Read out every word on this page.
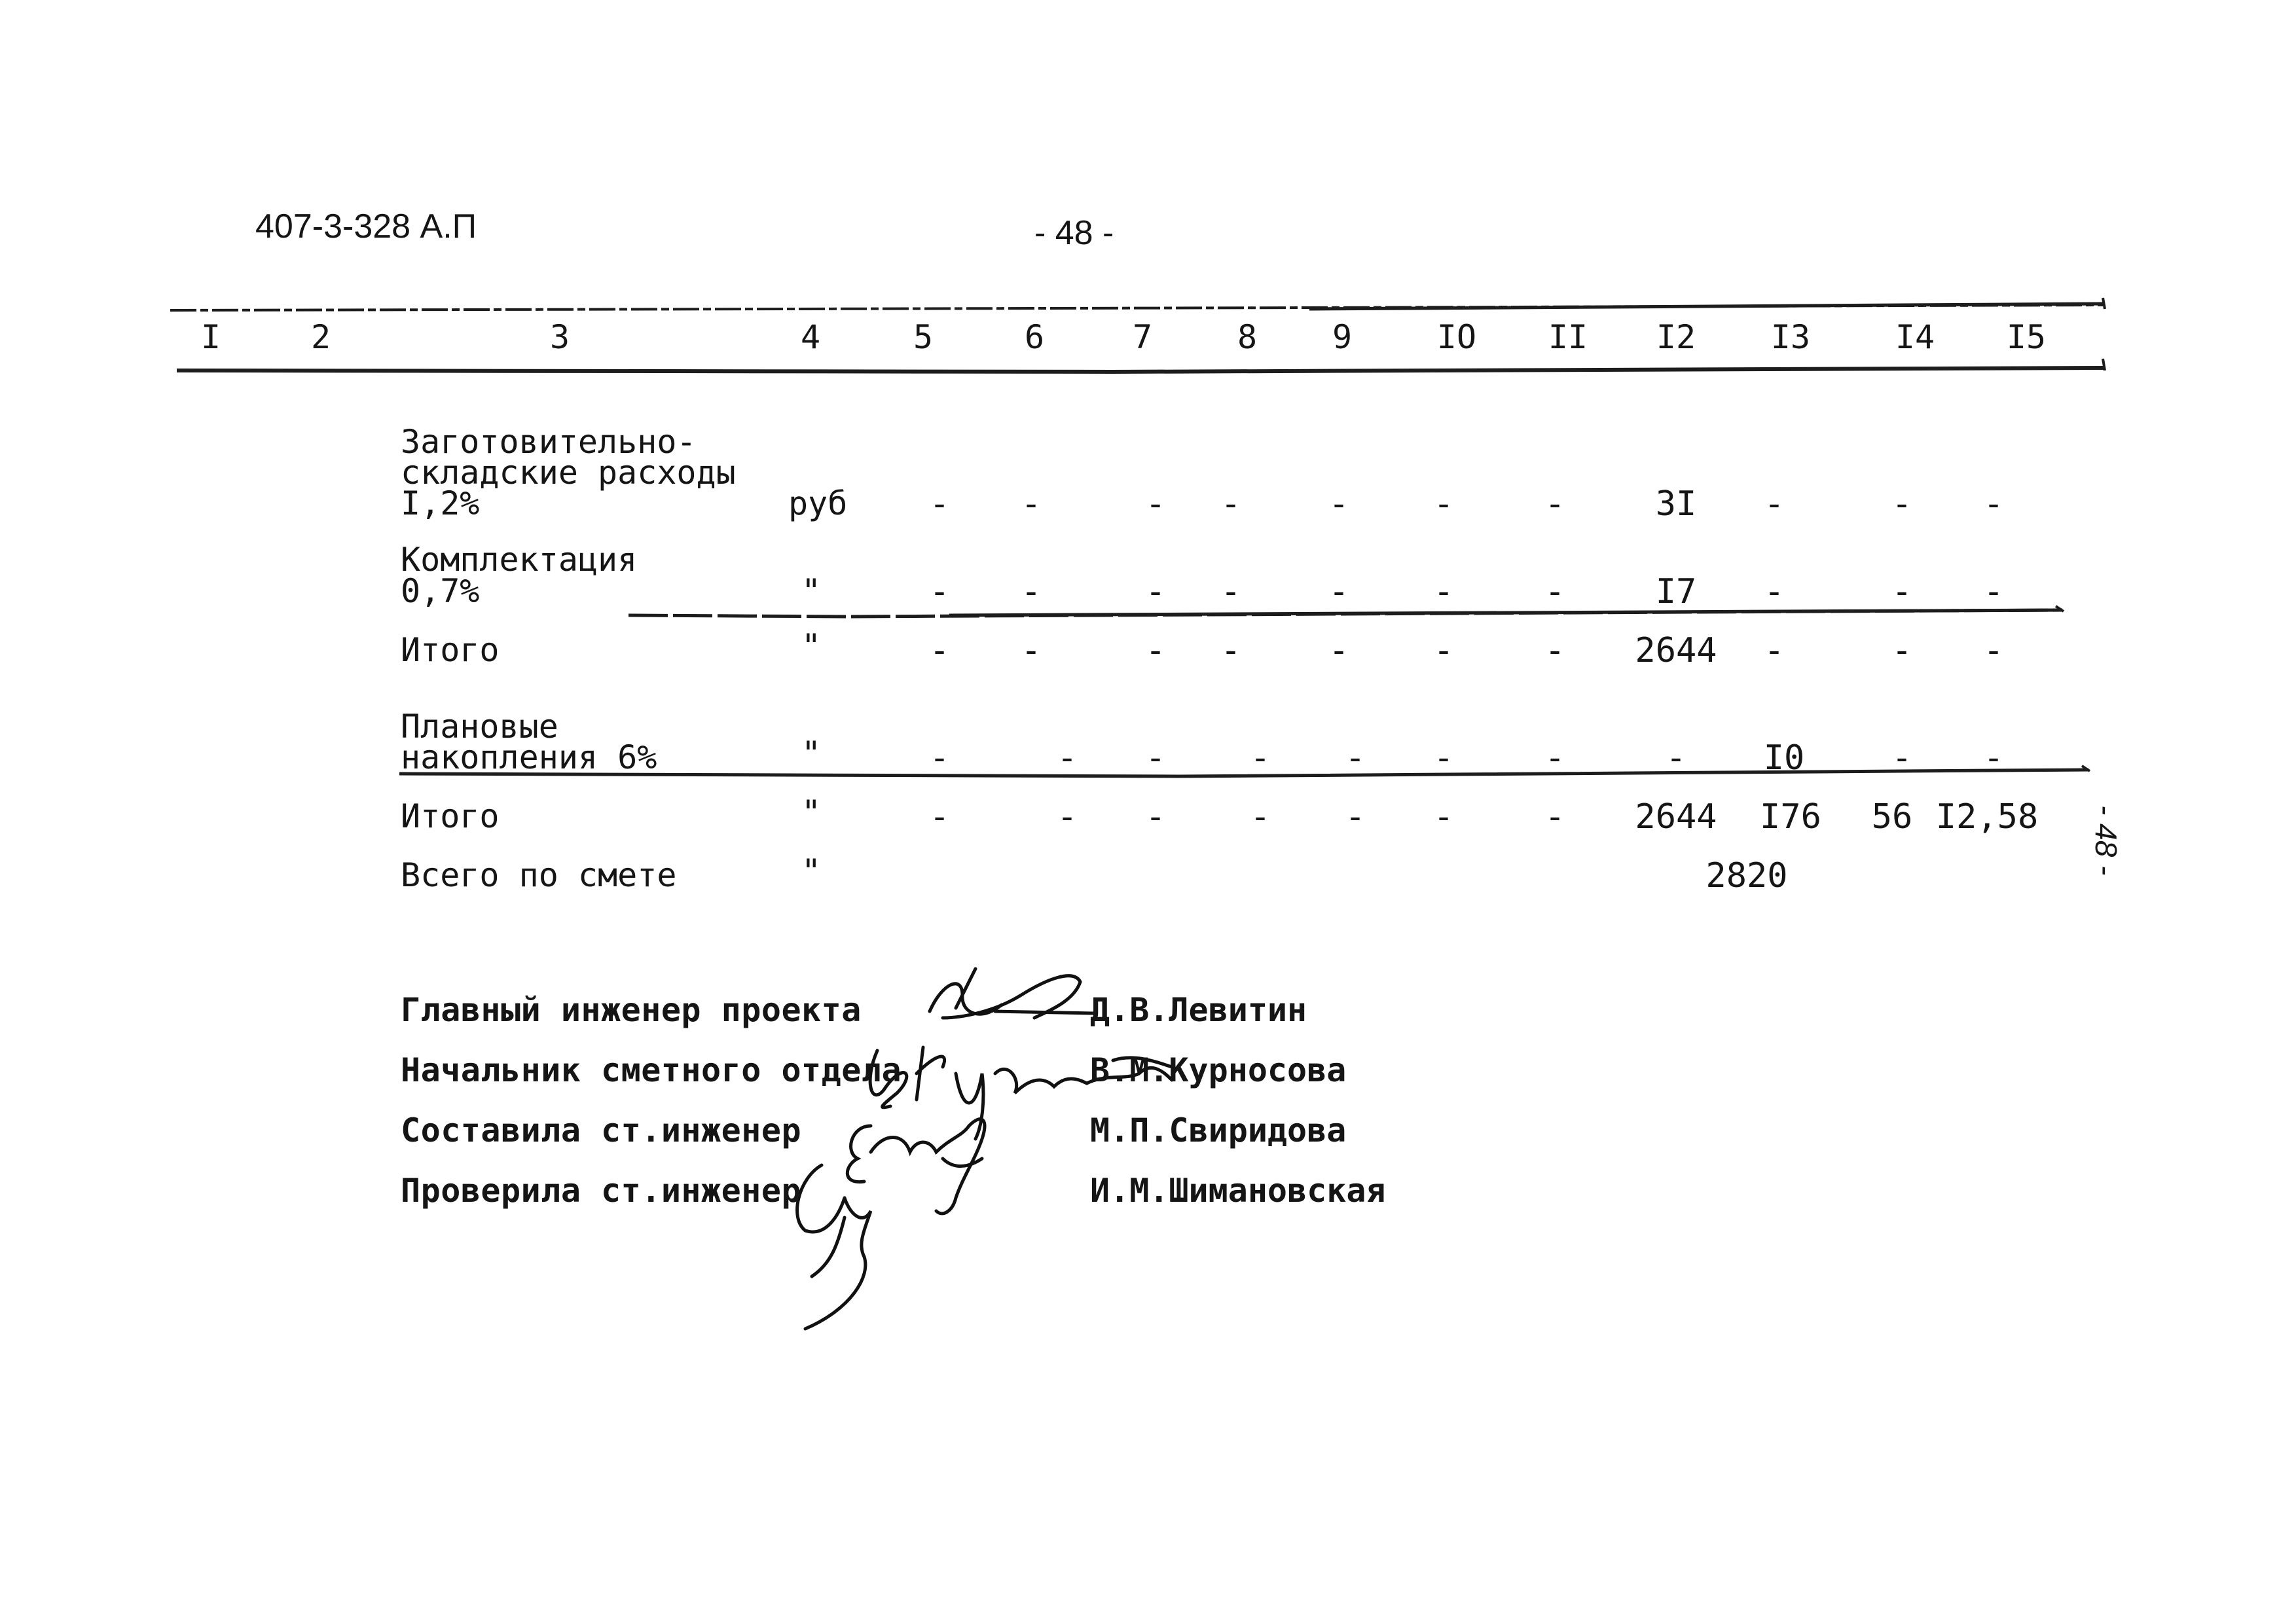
407-3-328 А.П	- 48 -
- 48 -
I	2	3	4	5	6	7	8 9	IO II I2 I3	I4 I5
Заготовительно-
складские расходы
I,2%	руб - -	- -	- -	-	3I -	- -
Комплектация
0,7%	"	- -	- -	- -	-	I7 -	- -
Итого	"	- -	- -	- -	- 2644 -	- -
Плановые
накопления 6%	"	-	- - - - -	-	- I0	- -
Итого	"	-	- - - - -	- 2644 I76 56 I2,58
Всего по смете	"	2820
Главный инженер проекта	Д.В.Левитин
Начальник сметного отдела	В.М.Курносова
Составила ст.инженер	М.П.Свиридова
Проверила ст.инженер	И.М.Шимановская
